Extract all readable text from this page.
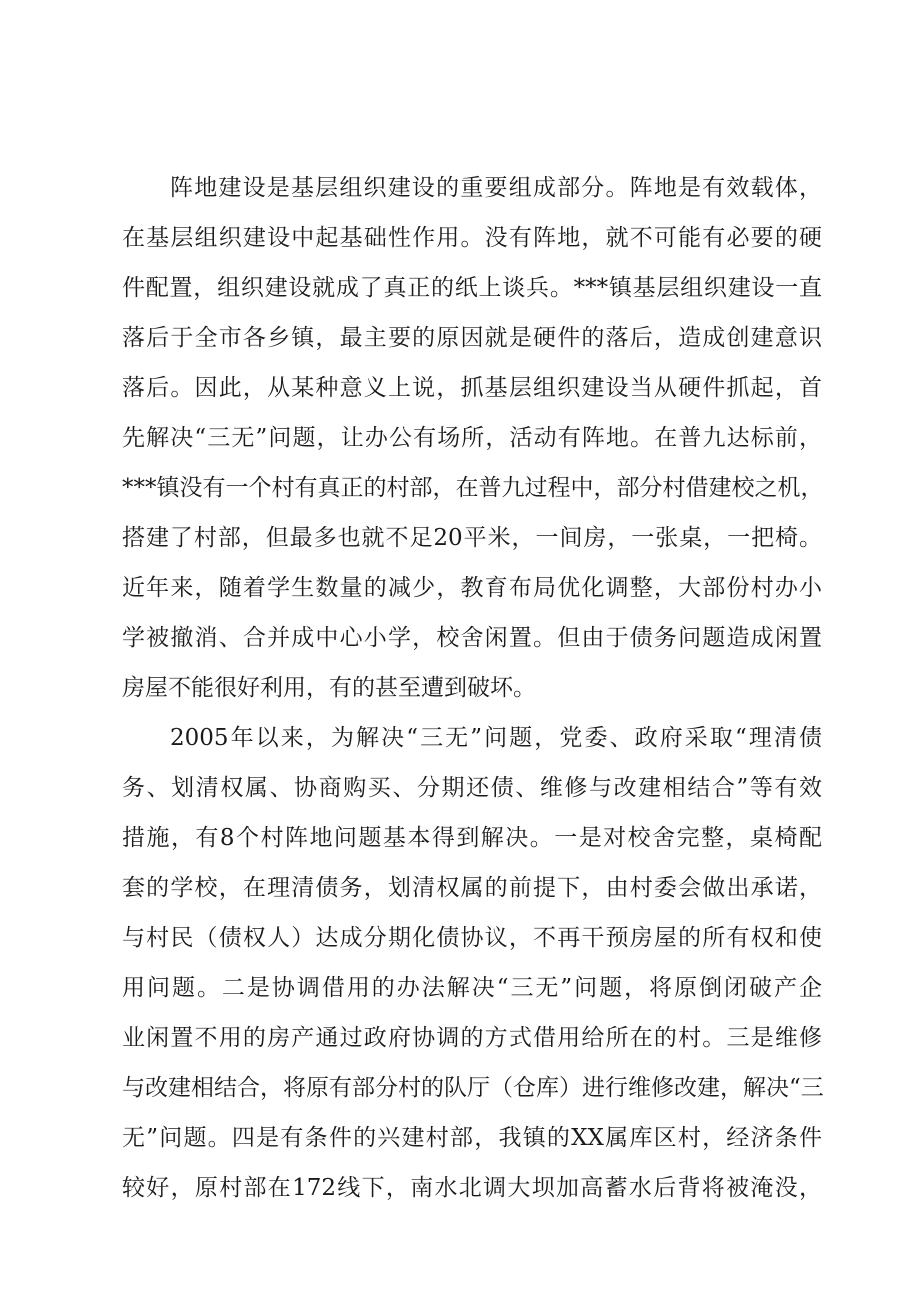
阵地建设是基层组织建设的重要组成部分。阵地是有效载体，
在基层组织建设中起基础性作用。没有阵地，就不可能有必要的硬
件配置，组织建设就成了真正的纸上谈兵。***镇基层组织建设一直
落后于全市各乡镇，最主要的原因就是硬件的落后，造成创建意识
落后。因此，从某种意义上说，抓基层组织建设当从硬件抓起，首
先解决“三无”问题，让办公有场所，活动有阵地。在普九达标前，
***镇没有一个村有真正的村部，在普九过程中，部分村借建校之机，
搭建了村部，但最多也就不足20平米，一间房，一张桌，一把椅。
近年来，随着学生数量的减少，教育布局优化调整，大部份村办小
学被撤消、合并成中心小学，校舍闲置。但由于债务问题造成闲置
房屋不能很好利用，有的甚至遭到破坏。
2005年以来，为解决“三无”问题，党委、政府采取“理清债
务、划清权属、协商购买、分期还债、维修与改建相结合”等有效
措施，有8个村阵地问题基本得到解决。一是对校舍完整，桌椅配
套的学校，在理清债务，划清权属的前提下，由村委会做出承诺，
与村民（债权人）达成分期化债协议，不再干预房屋的所有权和使
用问题。二是协调借用的办法解决“三无”问题，将原倒闭破产企
业闲置不用的房产通过政府协调的方式借用给所在的村。三是维修
与改建相结合，将原有部分村的队厅（仓库）进行维修改建，解决“三
无”问题。四是有条件的兴建村部，我镇的XX属库区村，经济条件
较好，原村部在172线下，南水北调大坝加高蓄水后背将被淹没，
